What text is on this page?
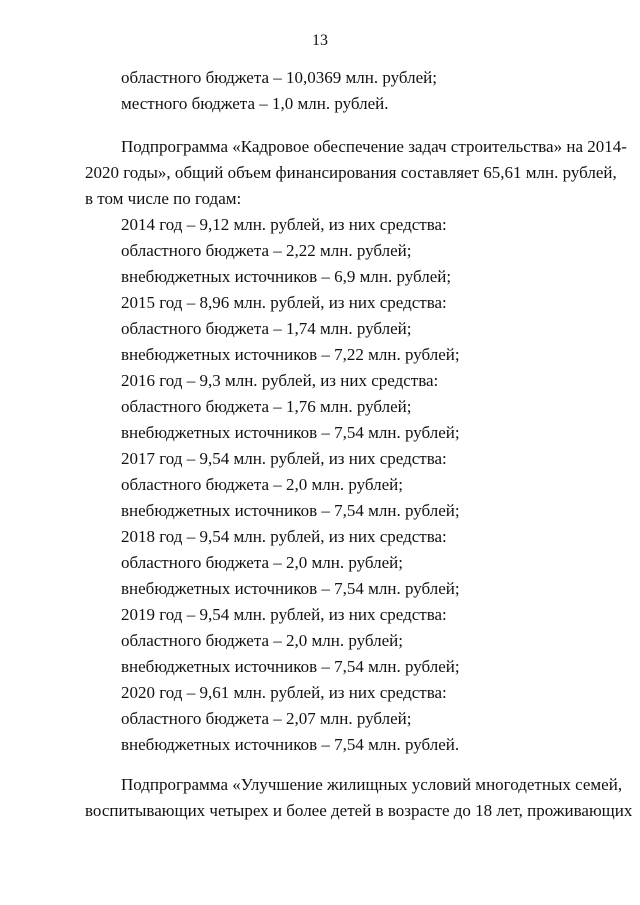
13
областного бюджета – 10,0369 млн. рублей;
местного бюджета – 1,0 млн. рублей.
Подпрограмма «Кадровое обеспечение задач строительства» на 2014-
2020 годы», общий объем финансирования составляет 65,61 млн. рублей,
в том числе по годам:
2014 год – 9,12 млн. рублей, из них средства:
областного бюджета – 2,22 млн. рублей;
внебюджетных источников – 6,9 млн. рублей;
2015 год – 8,96 млн. рублей, из них средства:
областного бюджета – 1,74 млн. рублей;
внебюджетных источников – 7,22 млн. рублей;
2016 год – 9,3 млн. рублей, из них средства:
областного бюджета – 1,76 млн. рублей;
внебюджетных источников – 7,54 млн. рублей;
2017 год – 9,54 млн. рублей, из них средства:
областного бюджета – 2,0 млн. рублей;
внебюджетных источников – 7,54 млн. рублей;
2018 год – 9,54 млн. рублей, из них средства:
областного бюджета – 2,0 млн. рублей;
внебюджетных источников – 7,54 млн. рублей;
2019 год – 9,54 млн. рублей, из них средства:
областного бюджета – 2,0 млн. рублей;
внебюджетных источников – 7,54 млн. рублей;
2020 год – 9,61 млн. рублей, из них средства:
областного бюджета – 2,07 млн. рублей;
внебюджетных источников – 7,54 млн. рублей.
Подпрограмма «Улучшение жилищных условий многодетных семей,
воспитывающих четырех и более детей в возрасте до 18 лет, проживающих
